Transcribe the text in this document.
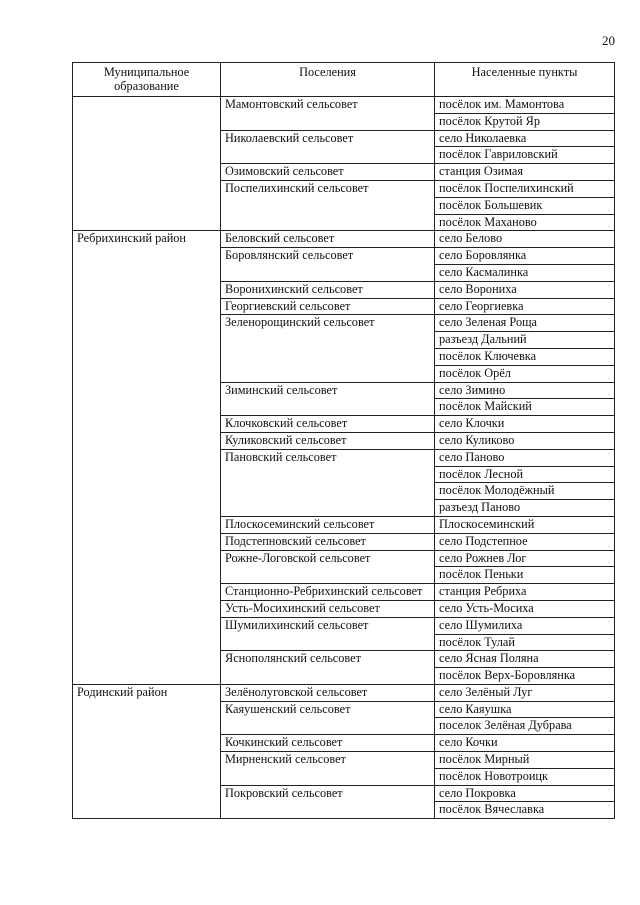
20
Муниципальное образование	Поселения	Населенные пункты
	Мамонтовский сельсовет	посёлок им. Мамонтова
		посёлок Крутой Яр
	Николаевский сельсовет	село Николаевка
		посёлок Гавриловский
	Озимовский сельсовет	станция Озимая
	Поспелихинский сельсовет	посёлок Поспелихинский
		посёлок Большевик
		посёлок Маханово
Ребрихинский район	Беловский сельсовет	село Белово
	Боровлянский сельсовет	село Боровлянка
		село Касмалинка
	Воронихинский сельсовет	село Ворониха
	Георгиевский сельсовет	село Георгиевка
	Зеленорощинский сельсовет	село Зеленая Роща
		разъезд Дальний
		посёлок Ключевка
		посёлок Орёл
	Зиминский сельсовет	село Зимино
		посёлок Майский
	Клочковский сельсовет	село Клочки
	Куликовский сельсовет	село Куликово
	Пановский сельсовет	село Паново
		посёлок Лесной
		посёлок Молодёжный
		разъезд Паново
	Плоскосеминский сельсовет	Плоскосеминский
	Подстепновский сельсовет	село Подстепное
	Рожне-Логовской сельсовет	село Рожнев Лог
		посёлок Пеньки
	Станционно-Ребрихинский сельсовет	станция Ребриха
	Усть-Мосихинский сельсовет	село Усть-Мосиха
	Шумилихинский сельсовет	село Шумилиха
		посёлок Тулай
	Яснополянский сельсовет	село Ясная Поляна
		посёлок Верх-Боровлянка
Родинский район	Зелёнолуговской сельсовет	село Зелёный Луг
	Каяушенский сельсовет	село Каяушка
		поселок Зелёная Дубрава
	Кочкинский сельсовет	село Кочки
	Мирненский сельсовет	посёлок Мирный
		посёлок Новотроицк
	Покровский сельсовет	село Покровка
		посёлок Вячеславка
